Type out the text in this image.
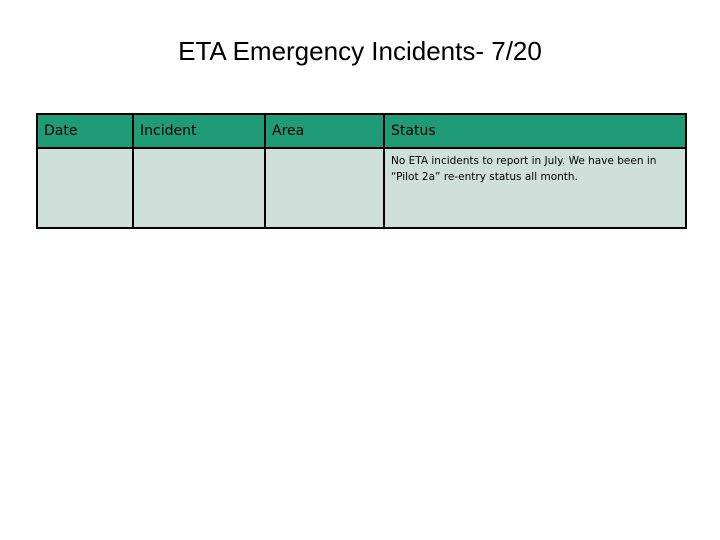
ETA Emergency Incidents- 7/20
Date	Incident	Area	Status
			No ETA incidents to report in July. We have been in “Pilot 2a” re-entry status all month.
